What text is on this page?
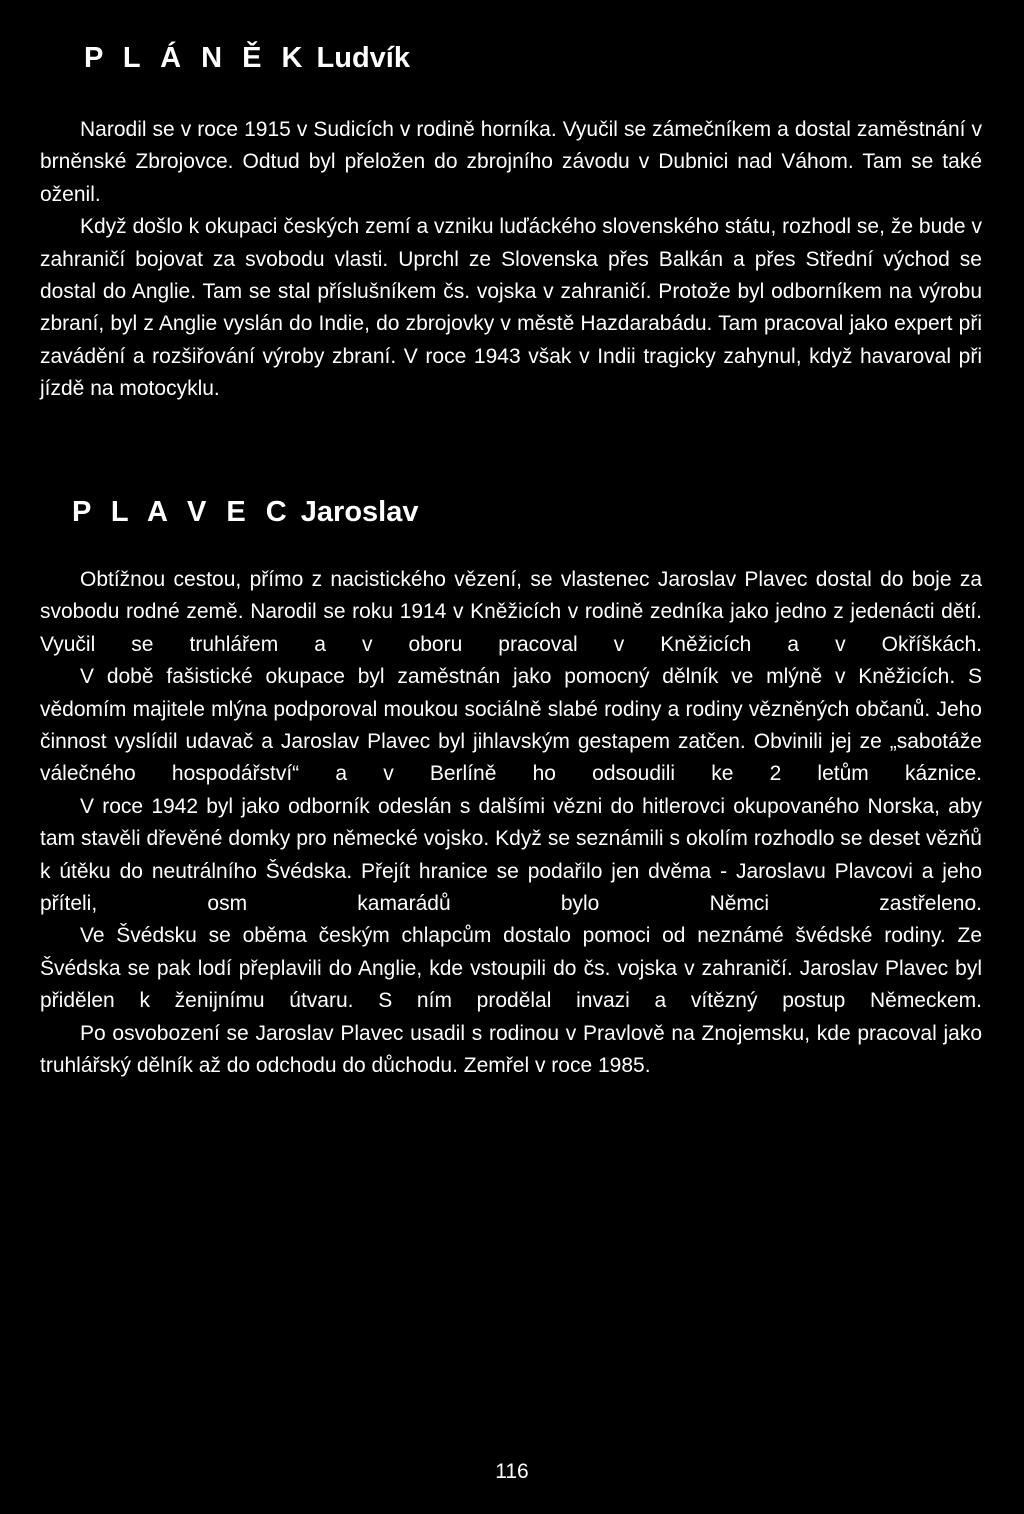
P L Á N Ě K Ludvík

Narodil se v roce 1915 v Sudicích v rodině horníka. Vyučil se zámečníkem a dostal zaměstnání v brněnské Zbrojovce. Odtud byl přeložen do zbrojního závodu v Dubnici nad Váhom. Tam se také oženil.

Když došlo k okupaci českých zemí a vzniku luďáckého slovenského státu, rozhodl se, že bude v zahraničí bojovat za svobodu vlasti. Uprchl ze Slovenska přes Balkán a přes Střední východ se dostal do Anglie. Tam se stal příslušníkem čs. vojska v zahraničí. Protože byl odborníkem na výrobu zbraní, byl z Anglie vyslán do Indie, do zbrojovky v městě Hazdarabádu. Tam pracoval jako expert při zavádění a rozšiřování výroby zbraní. V roce 1943 však v Indii tragicky zahynul, když havaroval při jízdě na motocyklu.

P L A V E C Jaroslav

Obtížnou cestou, přímo z nacistického vězení, se vlastenec Jaroslav Plavec dostal do boje za svobodu rodné země. Narodil se roku 1914 v Kněžicích v rodině zedníka jako jedno z jedenácti dětí. Vyučil se truhlářem a v oboru pracoval v Kněžicích a v Okříškách.

V době fašistické okupace byl zaměstnán jako pomocný dělník ve mlýně v Kněžicích. S vědomím majitele mlýna podporoval moukou sociálně slabé rodiny a rodiny vězněných občanů. Jeho činnost vyslídil udavač a Jaroslav Plavec byl jihlavským gestapem zatčen. Obvinili jej ze „sabotáže válečného hospodářství“ a v Berlíně ho odsoudili ke 2 letům káznice.

V roce 1942 byl jako odborník odeslán s dalšími vězni do hitlerovci okupovaného Norska, aby tam stavěli dřevěné domky pro německé vojsko. Když se seznámili s okolím rozhodlo se deset vězňů k útěku do neutrálního Švédska. Přejít hranice se podařilo jen dvěma - Jaroslavu Plavcovi a jeho příteli, osm kamarádů bylo Němci zastřeleno.

Ve Švédsku se oběma českým chlapcům dostalo pomoci od neznámé švédské rodiny. Ze Švédska se pak lodí přeplavili do Anglie, kde vstoupili do čs. vojska v zahraničí. Jaroslav Plavec byl přidělen k ženijnímu útvaru. S ním prodělal invazi a vítězný postup Německem.

Po osvobození se Jaroslav Plavec usadil s rodinou v Pravlově na Znojemsku, kde pracoval jako truhlářský dělník až do odchodu do důchodu. Zemřel v roce 1985.

116
